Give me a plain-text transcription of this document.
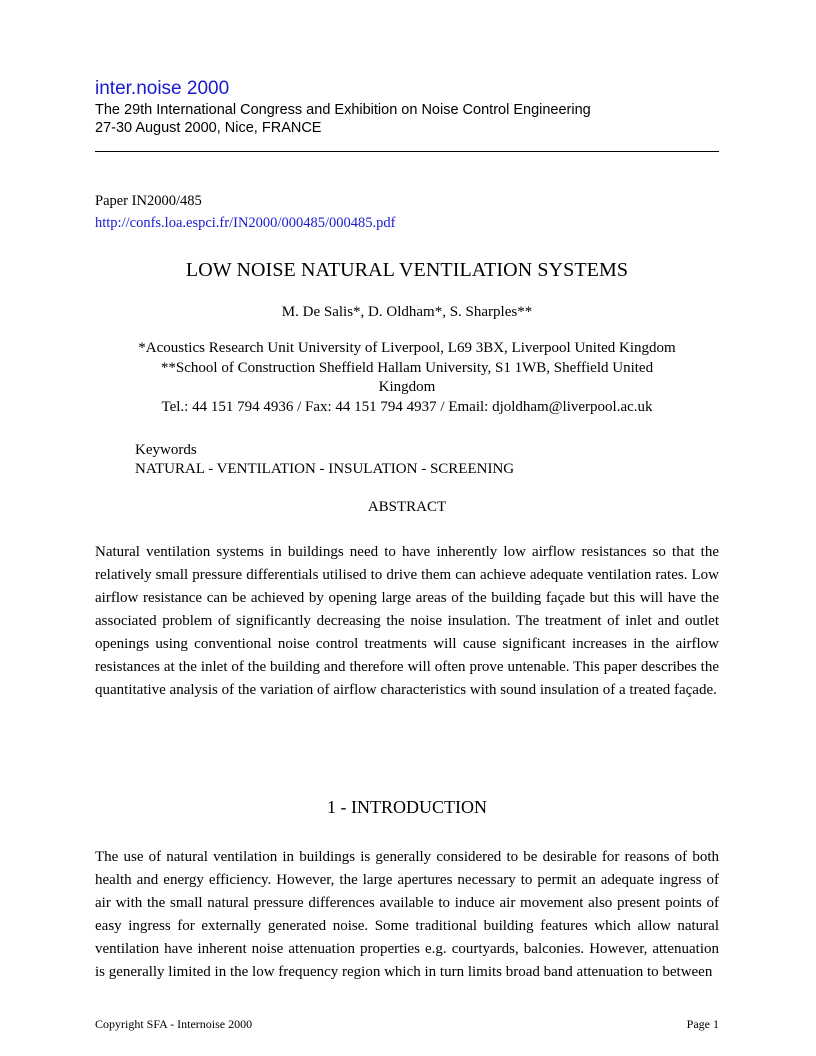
inter.noise 2000
The 29th International Congress and Exhibition on Noise Control Engineering
27-30 August 2000, Nice, FRANCE
Paper IN2000/485
http://confs.loa.espci.fr/IN2000/000485/000485.pdf
LOW NOISE NATURAL VENTILATION SYSTEMS
M. De Salis*, D. Oldham*, S. Sharples**
*Acoustics Research Unit University of Liverpool, L69 3BX, Liverpool United Kingdom
**School of Construction Sheffield Hallam University, S1 1WB, Sheffield United
Kingdom
Tel.: 44 151 794 4936 / Fax: 44 151 794 4937 / Email: djoldham@liverpool.ac.uk
Keywords
NATURAL - VENTILATION - INSULATION - SCREENING
ABSTRACT
Natural ventilation systems in buildings need to have inherently low airflow resistances so that the relatively small pressure differentials utilised to drive them can achieve adequate ventilation rates. Low airflow resistance can be achieved by opening large areas of the building façade but this will have the associated problem of significantly decreasing the noise insulation. The treatment of inlet and outlet openings using conventional noise control treatments will cause significant increases in the airflow resistances at the inlet of the building and therefore will often prove untenable. This paper describes the quantitative analysis of the variation of airflow characteristics with sound insulation of a treated façade.
1 - INTRODUCTION
The use of natural ventilation in buildings is generally considered to be desirable for reasons of both health and energy efficiency. However, the large apertures necessary to permit an adequate ingress of air with the small natural pressure differences available to induce air movement also present points of easy ingress for externally generated noise. Some traditional building features which allow natural ventilation have inherent noise attenuation properties e.g. courtyards, balconies. However, attenuation is generally limited in the low frequency region which in turn limits broad band attenuation to between
Copyright SFA - Internoise 2000	Page 1
